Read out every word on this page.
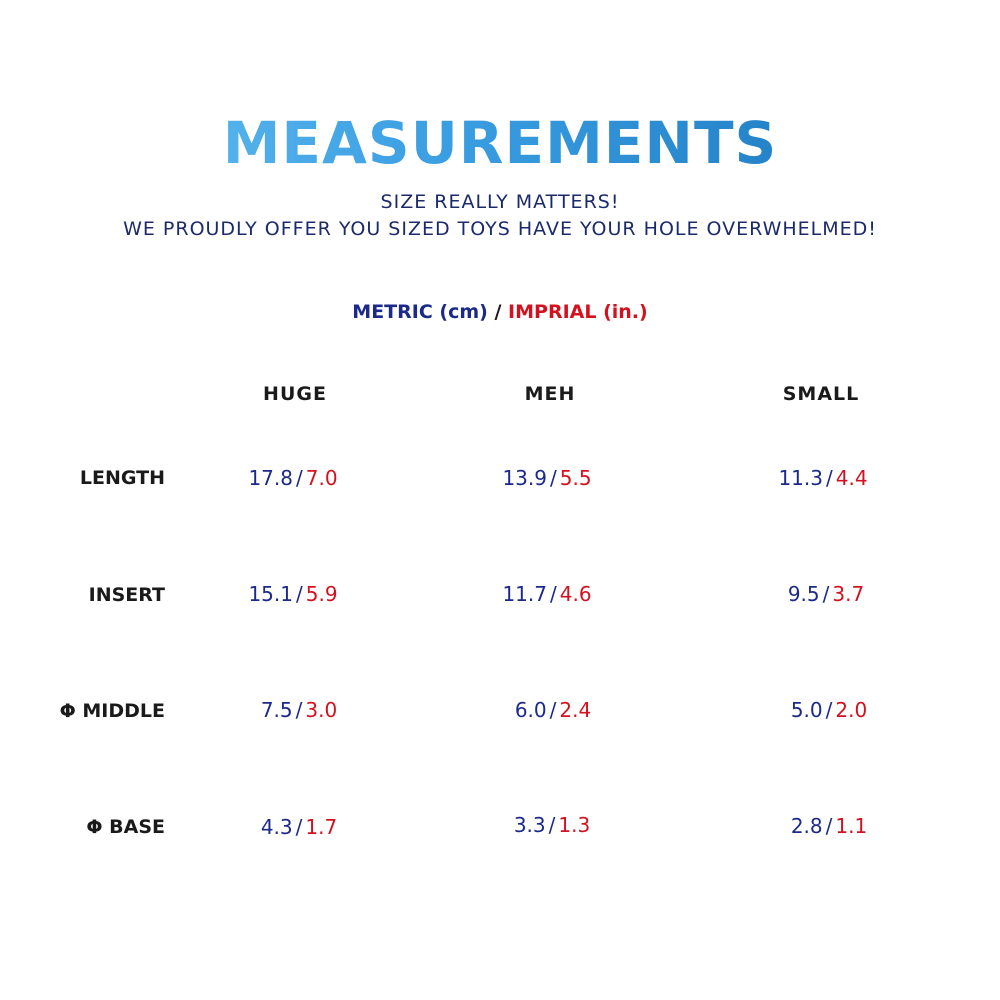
MEASUREMENTS
SIZE REALLY MATTERS!
WE PROUDLY OFFER YOU SIZED TOYS HAVE YOUR HOLE OVERWHELMED!
METRIC (cm) / IMPRIAL (in.)
HUGE	MEH	SMALL
LENGTH	17.8 / 7.0	13.9 / 5.5	11.3 / 4.4
INSERT	15.1 / 5.9	11.7 / 4.6	9.5 / 3.7
Φ MIDDLE	7.5 / 3.0	6.0 / 2.4	5.0 / 2.0
Φ BASE	4.3 / 1.7	3.3 / 1.3	2.8 / 1.1
